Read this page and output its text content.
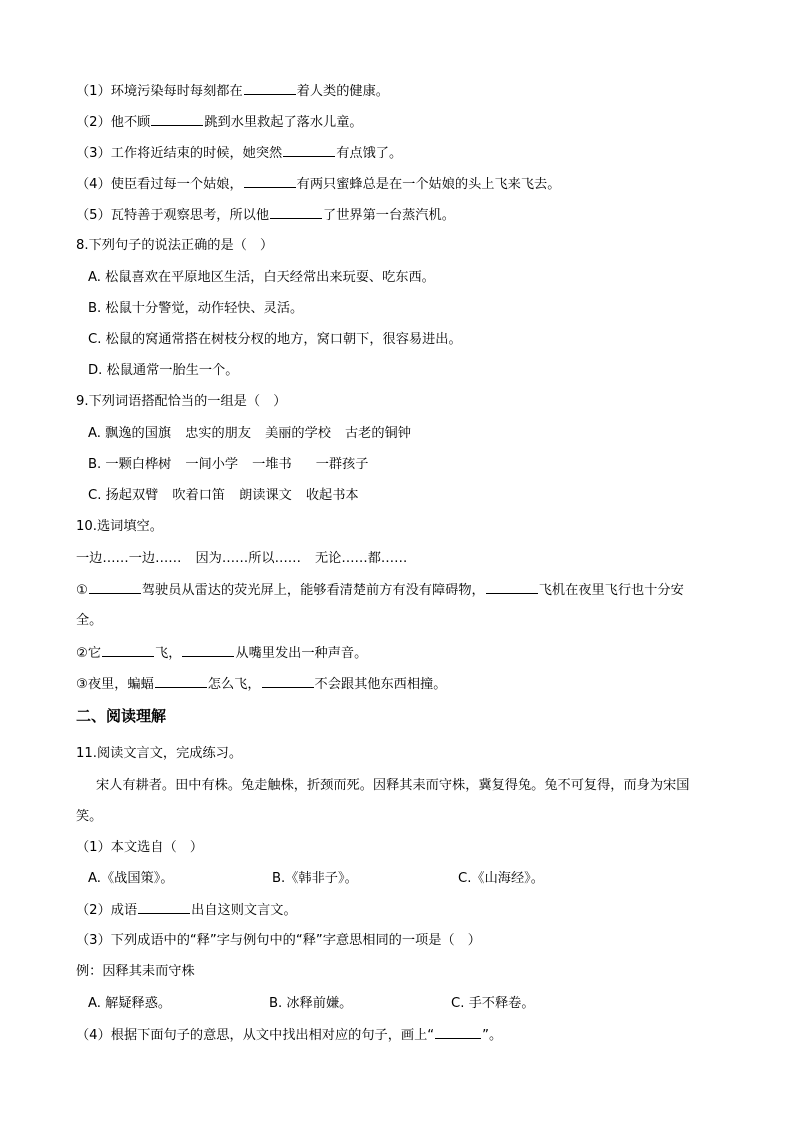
（1）环境污染每时每刻都在	着人类的健康。
（2）他不顾	跳到水里救起了落水儿童。
（3）工作将近结束的时候，她突然	有点饿了。
（4）使臣看过每一个姑娘，	有两只蜜蜂总是在一个姑娘的头上飞来飞去。
（5）瓦特善于观察思考，所以他	了世界第一台蒸汽机。
8.下列句子的说法正确的是（　）
A. 松鼠喜欢在平原地区生活，白天经常出来玩耍、吃东西。
B. 松鼠十分警觉，动作轻快、灵活。
C. 松鼠的窝通常搭在树枝分杈的地方，窝口朝下，很容易进出。
D. 松鼠通常一胎生一个。
9.下列词语搭配恰当的一组是（　）
A. 飘逸的国旗 忠实的朋友 美丽的学校 古老的铜钟
B. 一颗白桦树 一间小学 一堆书 一群孩子
C. 扬起双臂 吹着口笛 朗读课文 收起书本
10.选词填空。
一边……一边…… 因为……所以…… 无论……都……
①	驾驶员从雷达的荧光屏上，能够看清楚前方有没有障碍物，	飞机在夜里飞行也十分安
全。
②它	飞，	从嘴里发出一种声音。
③夜里，蝙蝠	怎么飞，	不会跟其他东西相撞。
二、阅读理解
11.阅读文言文，完成练习。
宋人有耕者。田中有株。兔走触株，折颈而死。因释其耒而守株，冀复得兔。兔不可复得，而身为宋国
笑。
（1）本文选自（　）
A.《战国策》。	B.《韩非子》。	C.《山海经》。
（2）成语	出自这则文言文。
（3）下列成语中的“释”字与例句中的“释”字意思相同的一项是（　）
例：因释其耒而守株
A. 解疑释惑。	B. 冰释前嫌。	C. 手不释卷。
（4）根据下面句子的意思，从文中找出相对应的句子，画上“	”。
